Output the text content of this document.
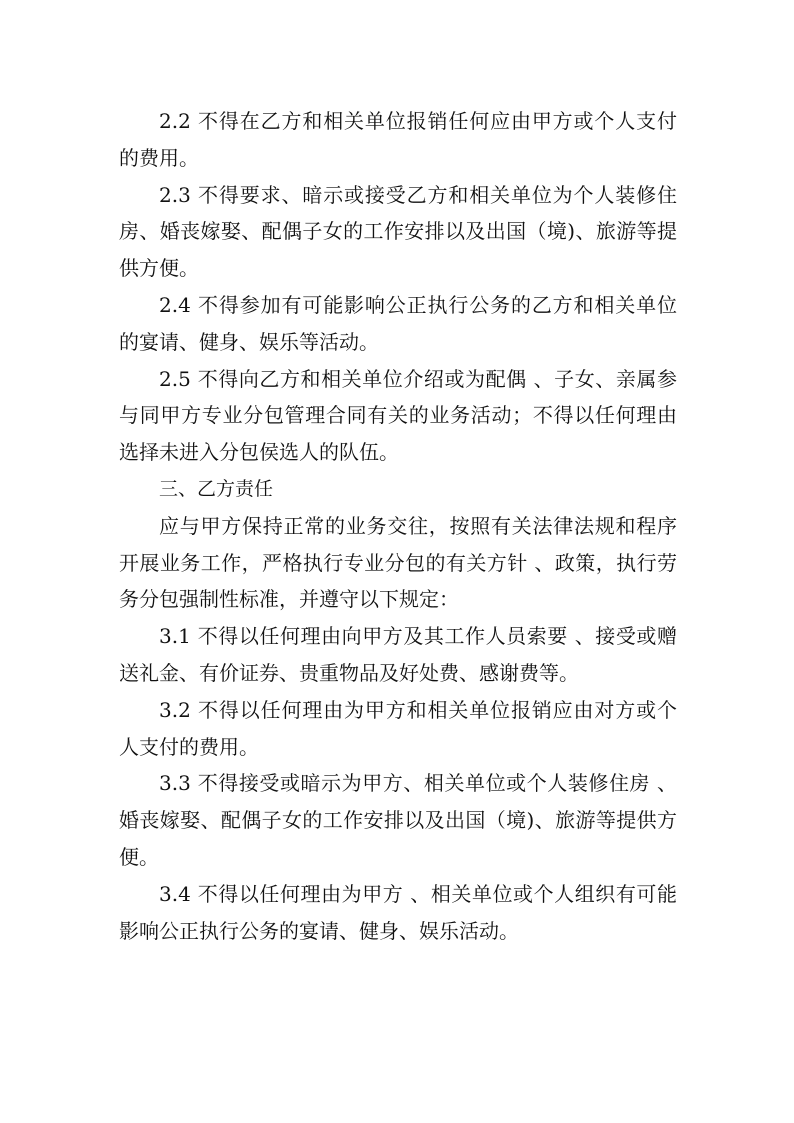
2.2 不得在乙方和相关单位报销任何应由甲方或个人支付的费用。

2.3 不得要求、暗示或接受乙方和相关单位为个人装修住房、婚丧嫁娶、配偶子女的工作安排以及出国（境)、旅游等提供方便。

2.4 不得参加有可能影响公正执行公务的乙方和相关单位的宴请、健身、娱乐等活动。

2.5 不得向乙方和相关单位介绍或为配偶 、子女、亲属参与同甲方专业分包管理合同有关的业务活动；不得以任何理由选择未进入分包侯选人的队伍。

三、乙方责任

应与甲方保持正常的业务交往，按照有关法律法规和程序开展业务工作，严格执行专业分包的有关方针 、政策，执行劳务分包强制性标准，并遵守以下规定：

3.1 不得以任何理由向甲方及其工作人员索要 、接受或赠送礼金、有价证券、贵重物品及好处费、感谢费等。

3.2 不得以任何理由为甲方和相关单位报销应由对方或个人支付的费用。

3.3 不得接受或暗示为甲方、相关单位或个人装修住房 、婚丧嫁娶、配偶子女的工作安排以及出国（境)、旅游等提供方便。

3.4 不得以任何理由为甲方 、相关单位或个人组织有可能影响公正执行公务的宴请、健身、娱乐活动。
